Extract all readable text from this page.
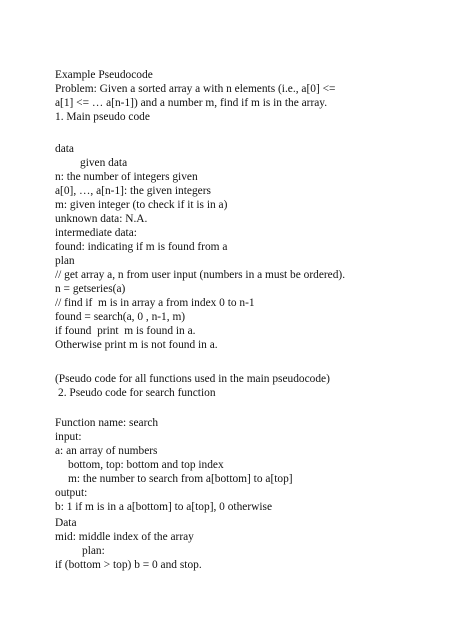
Example Pseudocode
Problem: Given a sorted array a with n elements (i.e., a[0] <=
a[1] <= … a[n-1]) and a number m, find if m is in the array.
1. Main pseudo code
data
given data
n: the number of integers given
a[0], …, a[n-1]: the given integers
m: given integer (to check if it is in a)
unknown data: N.A.
intermediate data:
found: indicating if m is found from a
plan
// get array a, n from user input (numbers in a must be ordered).
n = getseries(a)
// find if  m is in array a from index 0 to n-1
found = search(a, 0 , n-1, m)
if found  print  m is found in a.
Otherwise print m is not found in a.
(Pseudo code for all functions used in the main pseudocode)
2. Pseudo code for search function
Function name: search
input:
a: an array of numbers
bottom, top: bottom and top index
m: the number to search from a[bottom] to a[top]
output:
b: 1 if m is in a a[bottom] to a[top], 0 otherwise
Data
mid: middle index of the array
plan:
if (bottom > top) b = 0 and stop.
